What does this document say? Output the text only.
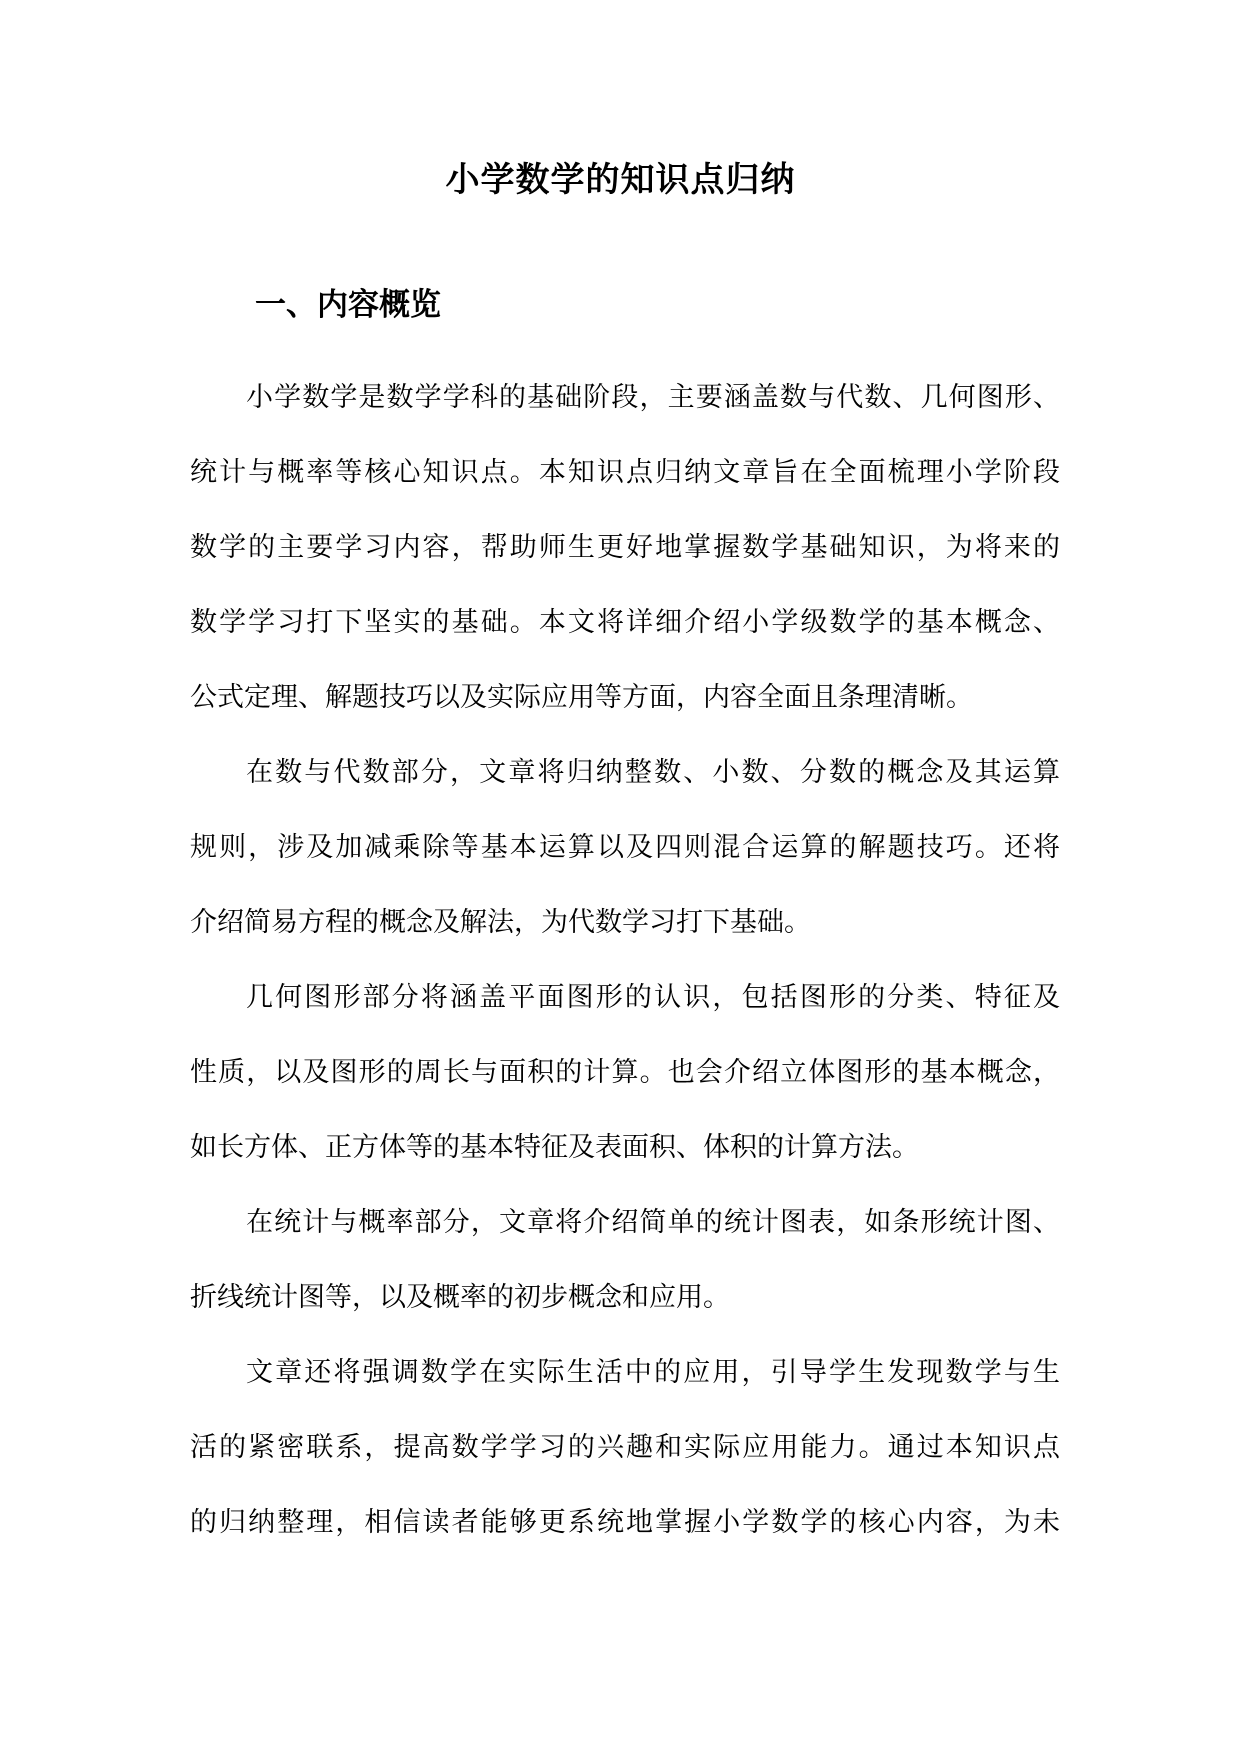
小学数学的知识点归纳
一、内容概览
小学数学是数学学科的基础阶段，主要涵盖数与代数、几何图形、
统计与概率等核心知识点。本知识点归纳文章旨在全面梳理小学阶段
数学的主要学习内容，帮助师生更好地掌握数学基础知识，为将来的
数学学习打下坚实的基础。本文将详细介绍小学级数学的基本概念、
公式定理、解题技巧以及实际应用等方面，内容全面且条理清晰。
在数与代数部分，文章将归纳整数、小数、分数的概念及其运算
规则，涉及加减乘除等基本运算以及四则混合运算的解题技巧。还将
介绍简易方程的概念及解法，为代数学习打下基础。
几何图形部分将涵盖平面图形的认识，包括图形的分类、特征及
性质，以及图形的周长与面积的计算。也会介绍立体图形的基本概念，
如长方体、正方体等的基本特征及表面积、体积的计算方法。
在统计与概率部分，文章将介绍简单的统计图表，如条形统计图、
折线统计图等，以及概率的初步概念和应用。
文章还将强调数学在实际生活中的应用，引导学生发现数学与生
活的紧密联系，提高数学学习的兴趣和实际应用能力。通过本知识点
的归纳整理，相信读者能够更系统地掌握小学数学的核心内容，为未
